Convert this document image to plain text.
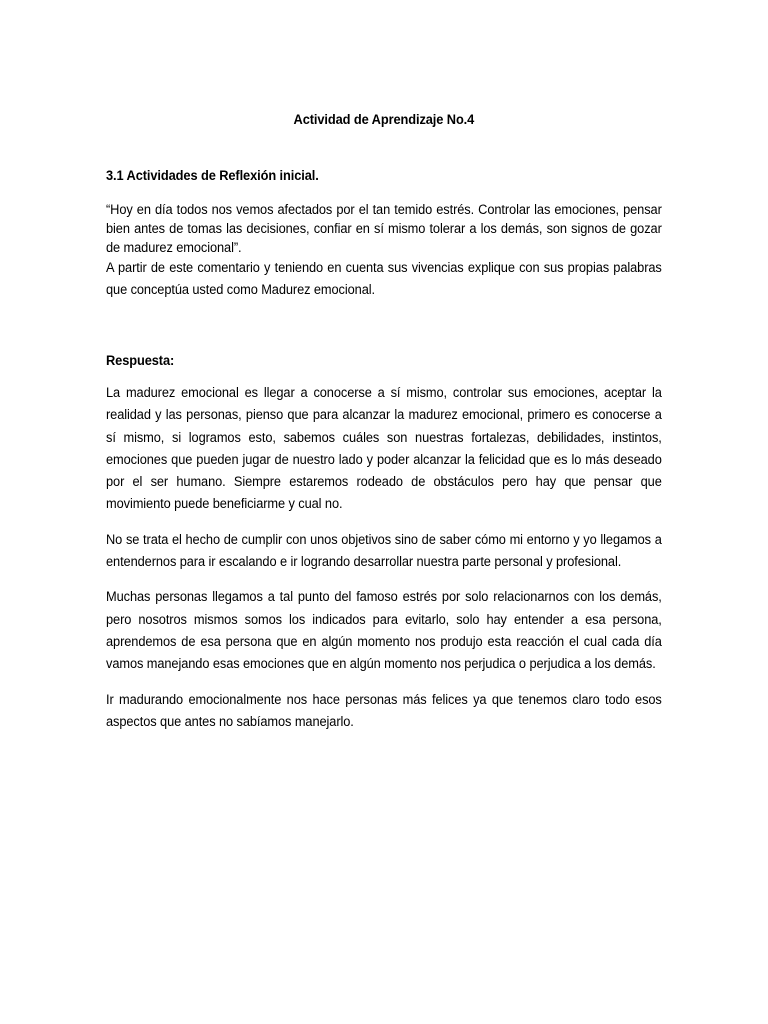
Actividad de Aprendizaje No.4
3.1 Actividades de Reflexión inicial.

“Hoy en día todos nos vemos afectados por el tan temido estrés. Controlar las emociones, pensar bien antes de tomas las decisiones, confiar en sí mismo tolerar a los demás, son signos de gozar de madurez emocional”.

A partir de este comentario y teniendo en cuenta sus vivencias explique con sus propias palabras que conceptúa usted como Madurez emocional.

Respuesta:

La madurez emocional es llegar a conocerse a sí mismo, controlar sus emociones, aceptar la realidad y las personas, pienso que para alcanzar la madurez emocional, primero es conocerse a sí mismo, si logramos esto, sabemos cuáles son nuestras fortalezas, debilidades, instintos, emociones que pueden jugar de nuestro lado y poder alcanzar la felicidad que es lo más deseado por el ser humano. Siempre estaremos rodeado de obstáculos pero hay que pensar que movimiento puede beneficiarme y cual no.

No se trata el hecho de cumplir con unos objetivos sino de saber cómo mi entorno y yo llegamos a entendernos para ir escalando e ir logrando desarrollar nuestra parte personal y profesional.

Muchas personas llegamos a tal punto del famoso estrés por solo relacionarnos con los demás, pero nosotros mismos somos los indicados para evitarlo, solo hay entender a esa persona, aprendemos de esa persona que en algún momento nos produjo esta reacción el cual cada día vamos manejando esas emociones que en algún momento nos perjudica o perjudica a los demás.

Ir madurando emocionalmente nos hace personas más felices ya que tenemos claro todo esos aspectos que antes no sabíamos manejarlo.
